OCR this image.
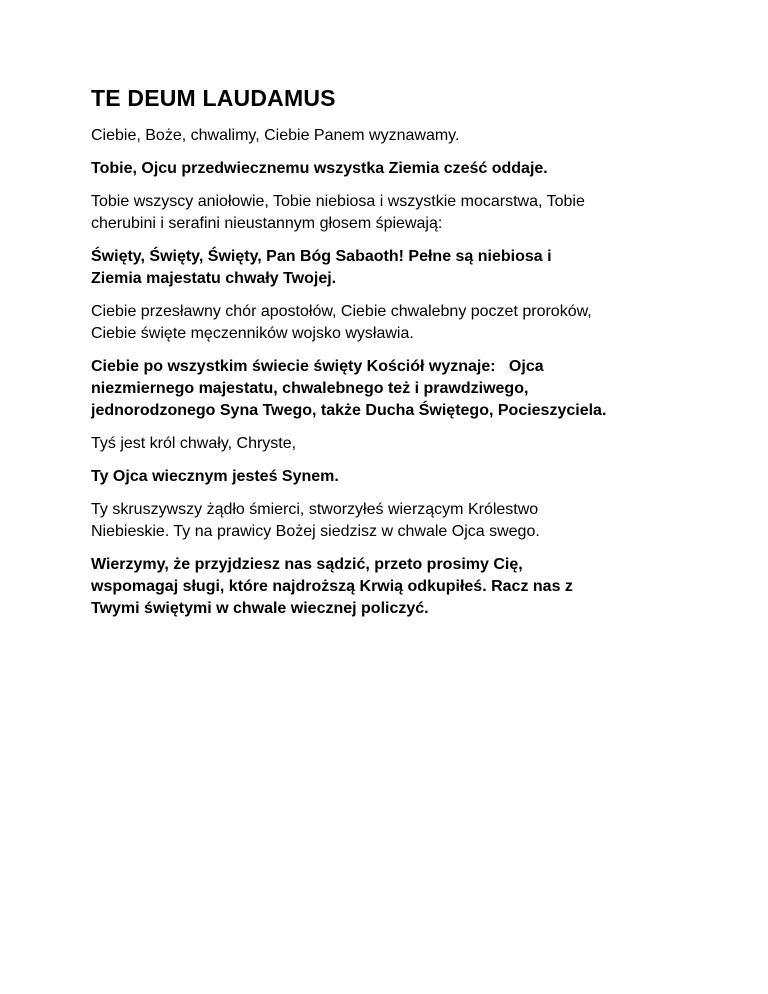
TE DEUM LAUDAMUS

Ciebie, Boże, chwalimy, Ciebie Panem wyznawamy.

Tobie, Ojcu przedwiecznemu wszystka Ziemia cześć oddaje.

Tobie wszyscy aniołowie, Tobie niebiosa i wszystkie mocarstwa, Tobie
cherubini i serafini nieustannym głosem śpiewają:

Święty, Święty, Święty, Pan Bóg Sabaoth! Pełne są niebiosa i
Ziemia majestatu chwały Twojej.

Ciebie przesławny chór apostołów, Ciebie chwalebny poczet proroków,
Ciebie święte męczenników wojsko wysławia.

Ciebie po wszystkim świecie święty Kościół wyznaje:   Ojca
niezmiernego majestatu, chwalebnego też i prawdziwego,
jednorodzonego Syna Twego, także Ducha Świętego, Pocieszyciela.

Tyś jest król chwały, Chryste,

Ty Ojca wiecznym jesteś Synem.

Ty skruszywszy żądło śmierci, stworzyłeś wierzącym Królestwo
Niebieskie. Ty na prawicy Bożej siedzisz w chwale Ojca swego.

Wierzymy, że przyjdziesz nas sądzić, przeto prosimy Cię,
wspomagaj sługi, które najdroższą Krwią odkupiłeś. Racz nas z
Twymi świętymi w chwale wiecznej policzyć.
